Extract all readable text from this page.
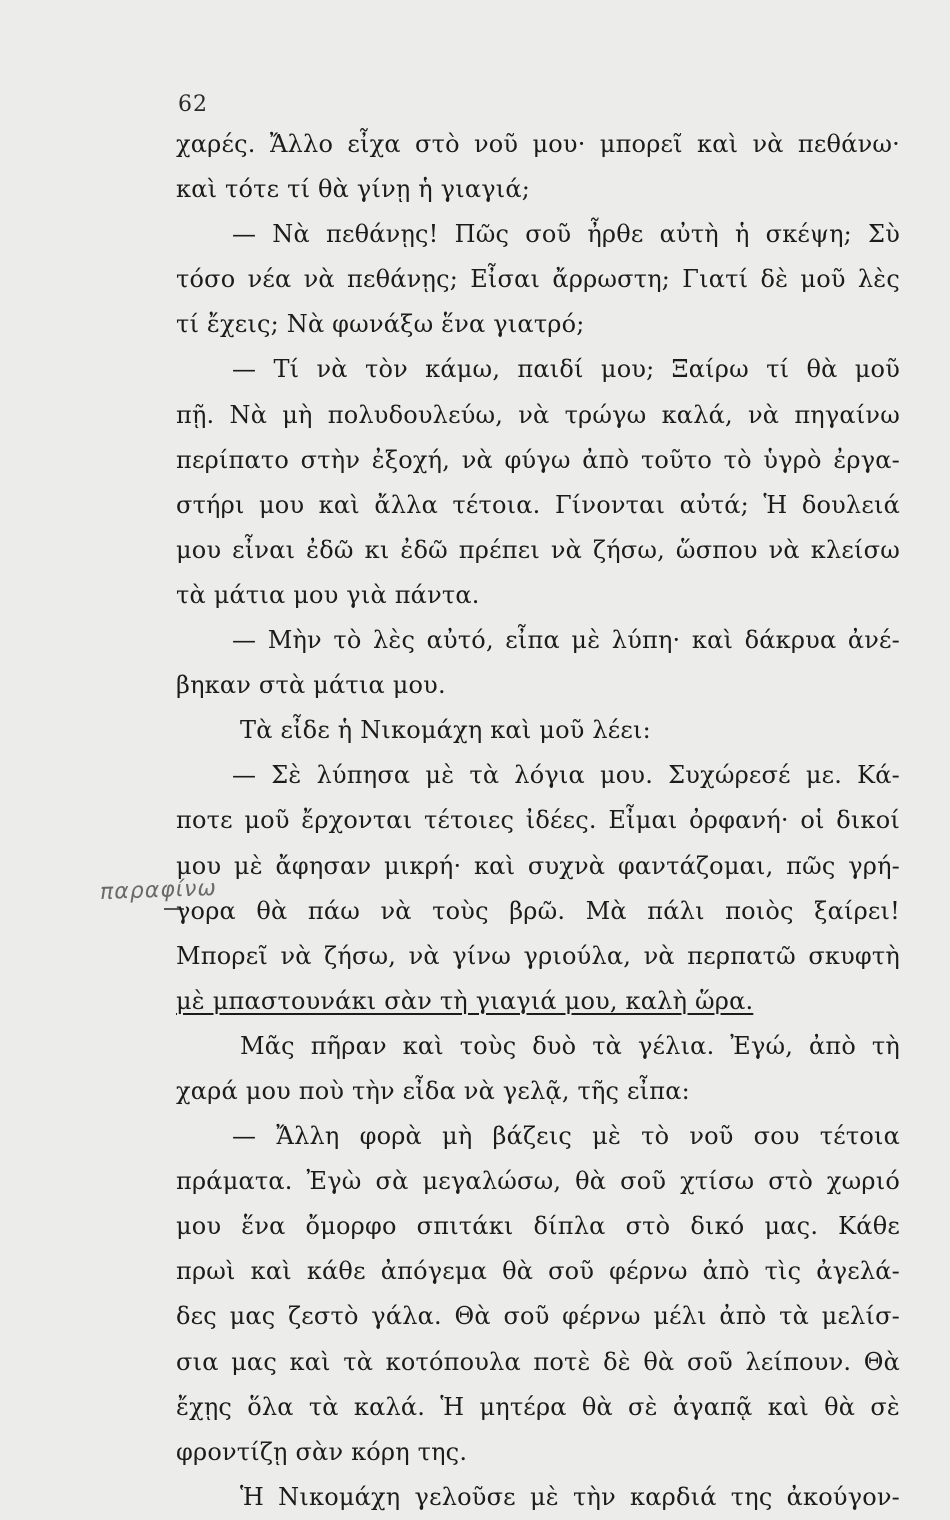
62
παραφίνω
χαρές. Ἄλλο εἶχα στὸ νοῦ μου· μπορεῖ καὶ νὰ πεθάνω·
καὶ τότε τί θὰ γίνῃ ἡ γιαγιά;
— Νὰ πεθάνῃς! Πῶς σοῦ ἦρθε αὐτὴ ἡ σκέψη; Σὺ
τόσο νέα νὰ πεθάνῃς; Εἶσαι ἄρρωστη; Γιατί δὲ μοῦ λὲς
τί ἔχεις; Νὰ φωνάξω ἕνα γιατρό;
— Τί νὰ τὸν κάμω, παιδί μου; Ξαίρω τί θὰ μοῦ
πῇ. Νὰ μὴ πολυδουλεύω, νὰ τρώγω καλά, νὰ πηγαίνω
περίπατο στὴν ἐξοχή, νὰ φύγω ἀπὸ τοῦτο τὸ ὑγρὸ ἐργα-
στήρι μου καὶ ἄλλα τέτοια. Γίνονται αὐτά; Ἡ δουλειά
μου εἶναι ἐδῶ κι ἐδῶ πρέπει νὰ ζήσω, ὥσπου νὰ κλείσω
τὰ μάτια μου γιὰ πάντα.
— Μὴν τὸ λὲς αὐτό, εἶπα μὲ λύπη· καὶ δάκρυα ἀνέ-
βηκαν στὰ μάτια μου.
Τὰ εἶδε ἡ Νικομάχη καὶ μοῦ λέει:
— Σὲ λύπησα μὲ τὰ λόγια μου. Συχώρεσέ με. Κά-
ποτε μοῦ ἔρχονται τέτοιες ἰδέες. Εἶμαι ὀρφανή· οἱ δικοί
μου μὲ ἄφησαν μικρή· καὶ συχνὰ φαντάζομαι, πῶς γρή-
γορα θὰ πάω νὰ τοὺς βρῶ. Μὰ πάλι ποιὸς ξαίρει!
Μπορεῖ νὰ ζήσω, νὰ γίνω γριούλα, νὰ περπατῶ σκυφτὴ
μὲ μπαστουνάκι σὰν τὴ γιαγιά μου, καλὴ ὥρα.
Μᾶς πῆραν καὶ τοὺς δυὸ τὰ γέλια. Ἐγώ, ἀπὸ τὴ
χαρά μου ποὺ τὴν εἶδα νὰ γελᾷ, τῆς εἶπα:
— Ἄλλη φορὰ μὴ βάζεις μὲ τὸ νοῦ σου τέτοια
πράματα. Ἐγὼ σὰ μεγαλώσω, θὰ σοῦ χτίσω στὸ χωριό
μου ἕνα ὄμορφο σπιτάκι δίπλα στὸ δικό μας. Κάθε
πρωὶ καὶ κάθε ἀπόγεμα θὰ σοῦ φέρνω ἀπὸ τὶς ἀγελά-
δες μας ζεστὸ γάλα. Θὰ σοῦ φέρνω μέλι ἀπὸ τὰ μελίσ-
σια μας καὶ τὰ κοτόπουλα ποτὲ δὲ θὰ σοῦ λείπουν. Θὰ
ἔχῃς ὅλα τὰ καλά. Ἡ μητέρα θὰ σὲ ἀγαπᾷ καὶ θὰ σὲ
φροντίζῃ σὰν κόρη της.
Ἡ Νικομάχη γελοῦσε μὲ τὴν καρδιά της ἀκούγον-
